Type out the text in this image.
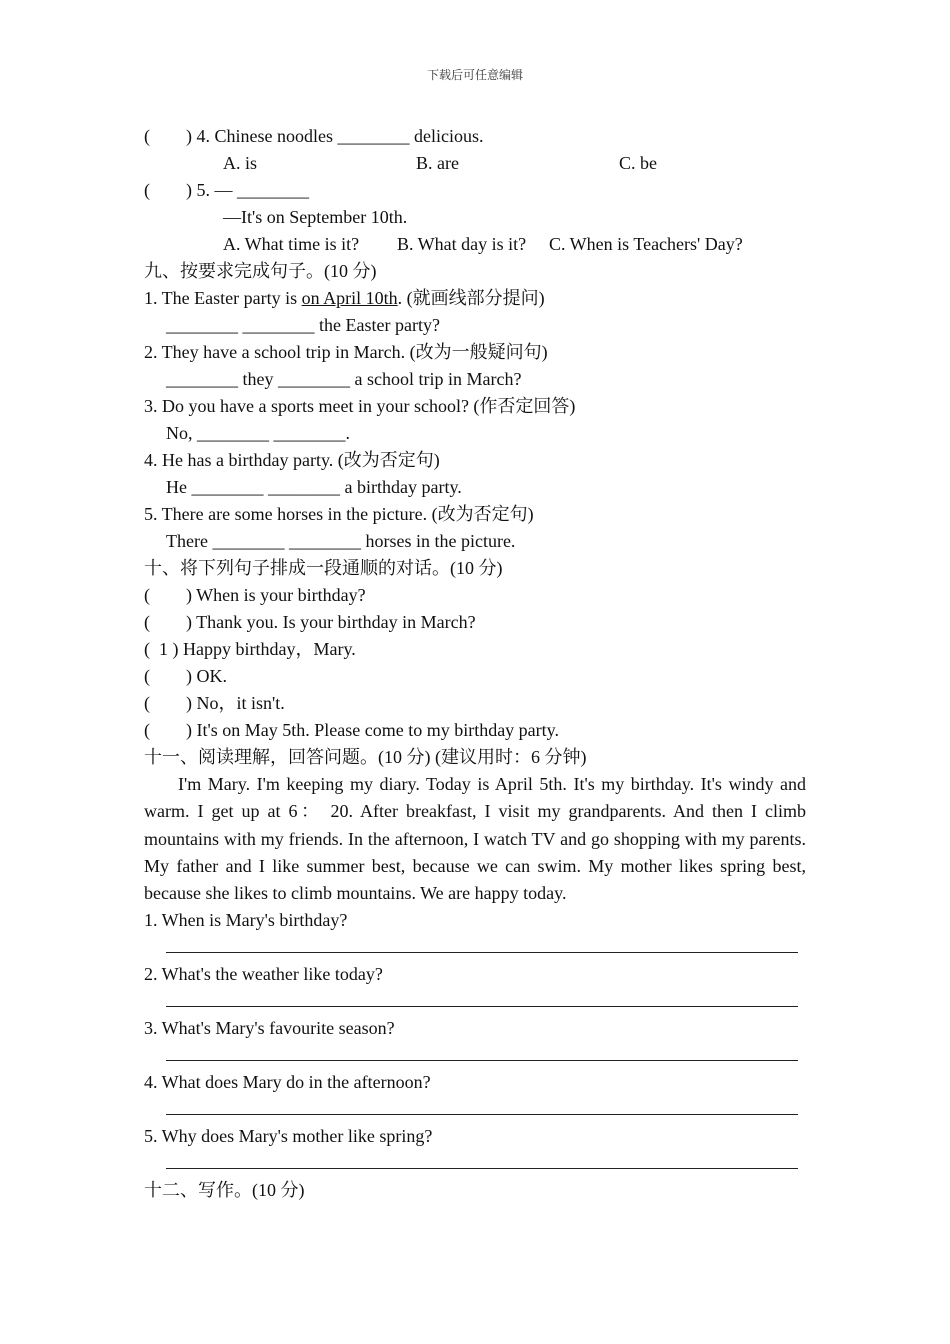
下载后可任意编辑
(        ) 4. Chinese noodles ________ delicious.
A. is	B. are	C. be
(        ) 5. — ________
—It's on September 10th.
A. What time is it? B. What day is it? C. When is Teachers' Day?
九、按要求完成句子。(10 分)
1. The Easter party is on April 10th. (就画线部分提问)
________ ________ the Easter party?
2. They have a school trip in March. (改为一般疑问句)
________ they ________ a school trip in March?
3. Do you have a sports meet in your school? (作否定回答)
No, ________ ________.
4. He has a birthday party. (改为否定句)
He ________ ________ a birthday party.
5. There are some horses in the picture. (改为否定句)
There ________ ________ horses in the picture.
十、将下列句子排成一段通顺的对话。(10 分)
(        ) When is your birthday?
(        ) Thank you. Is your birthday in March?
(  1 ) Happy birthday，Mary.
(        ) OK.
(        ) No，it isn't.
(        ) It's on May 5th. Please come to my birthday party.
十一、阅读理解，回答问题。(10 分) (建议用时：6 分钟)
I'm Mary. I'm keeping my diary. Today is April 5th. It's my birthday. It's windy and warm. I get up at 6： 20. After breakfast, I visit my grandparents. And then I climb mountains with my friends. In the afternoon, I watch TV and go shopping with my parents. My father and I like summer best, because we can swim. My mother likes spring best, because she likes to climb mountains. We are happy today.
1. When is Mary's birthday?
2. What's the weather like today?
3. What's Mary's favourite season?
4. What does Mary do in the afternoon?
5. Why does Mary's mother like spring?
十二、写作。(10 分)
